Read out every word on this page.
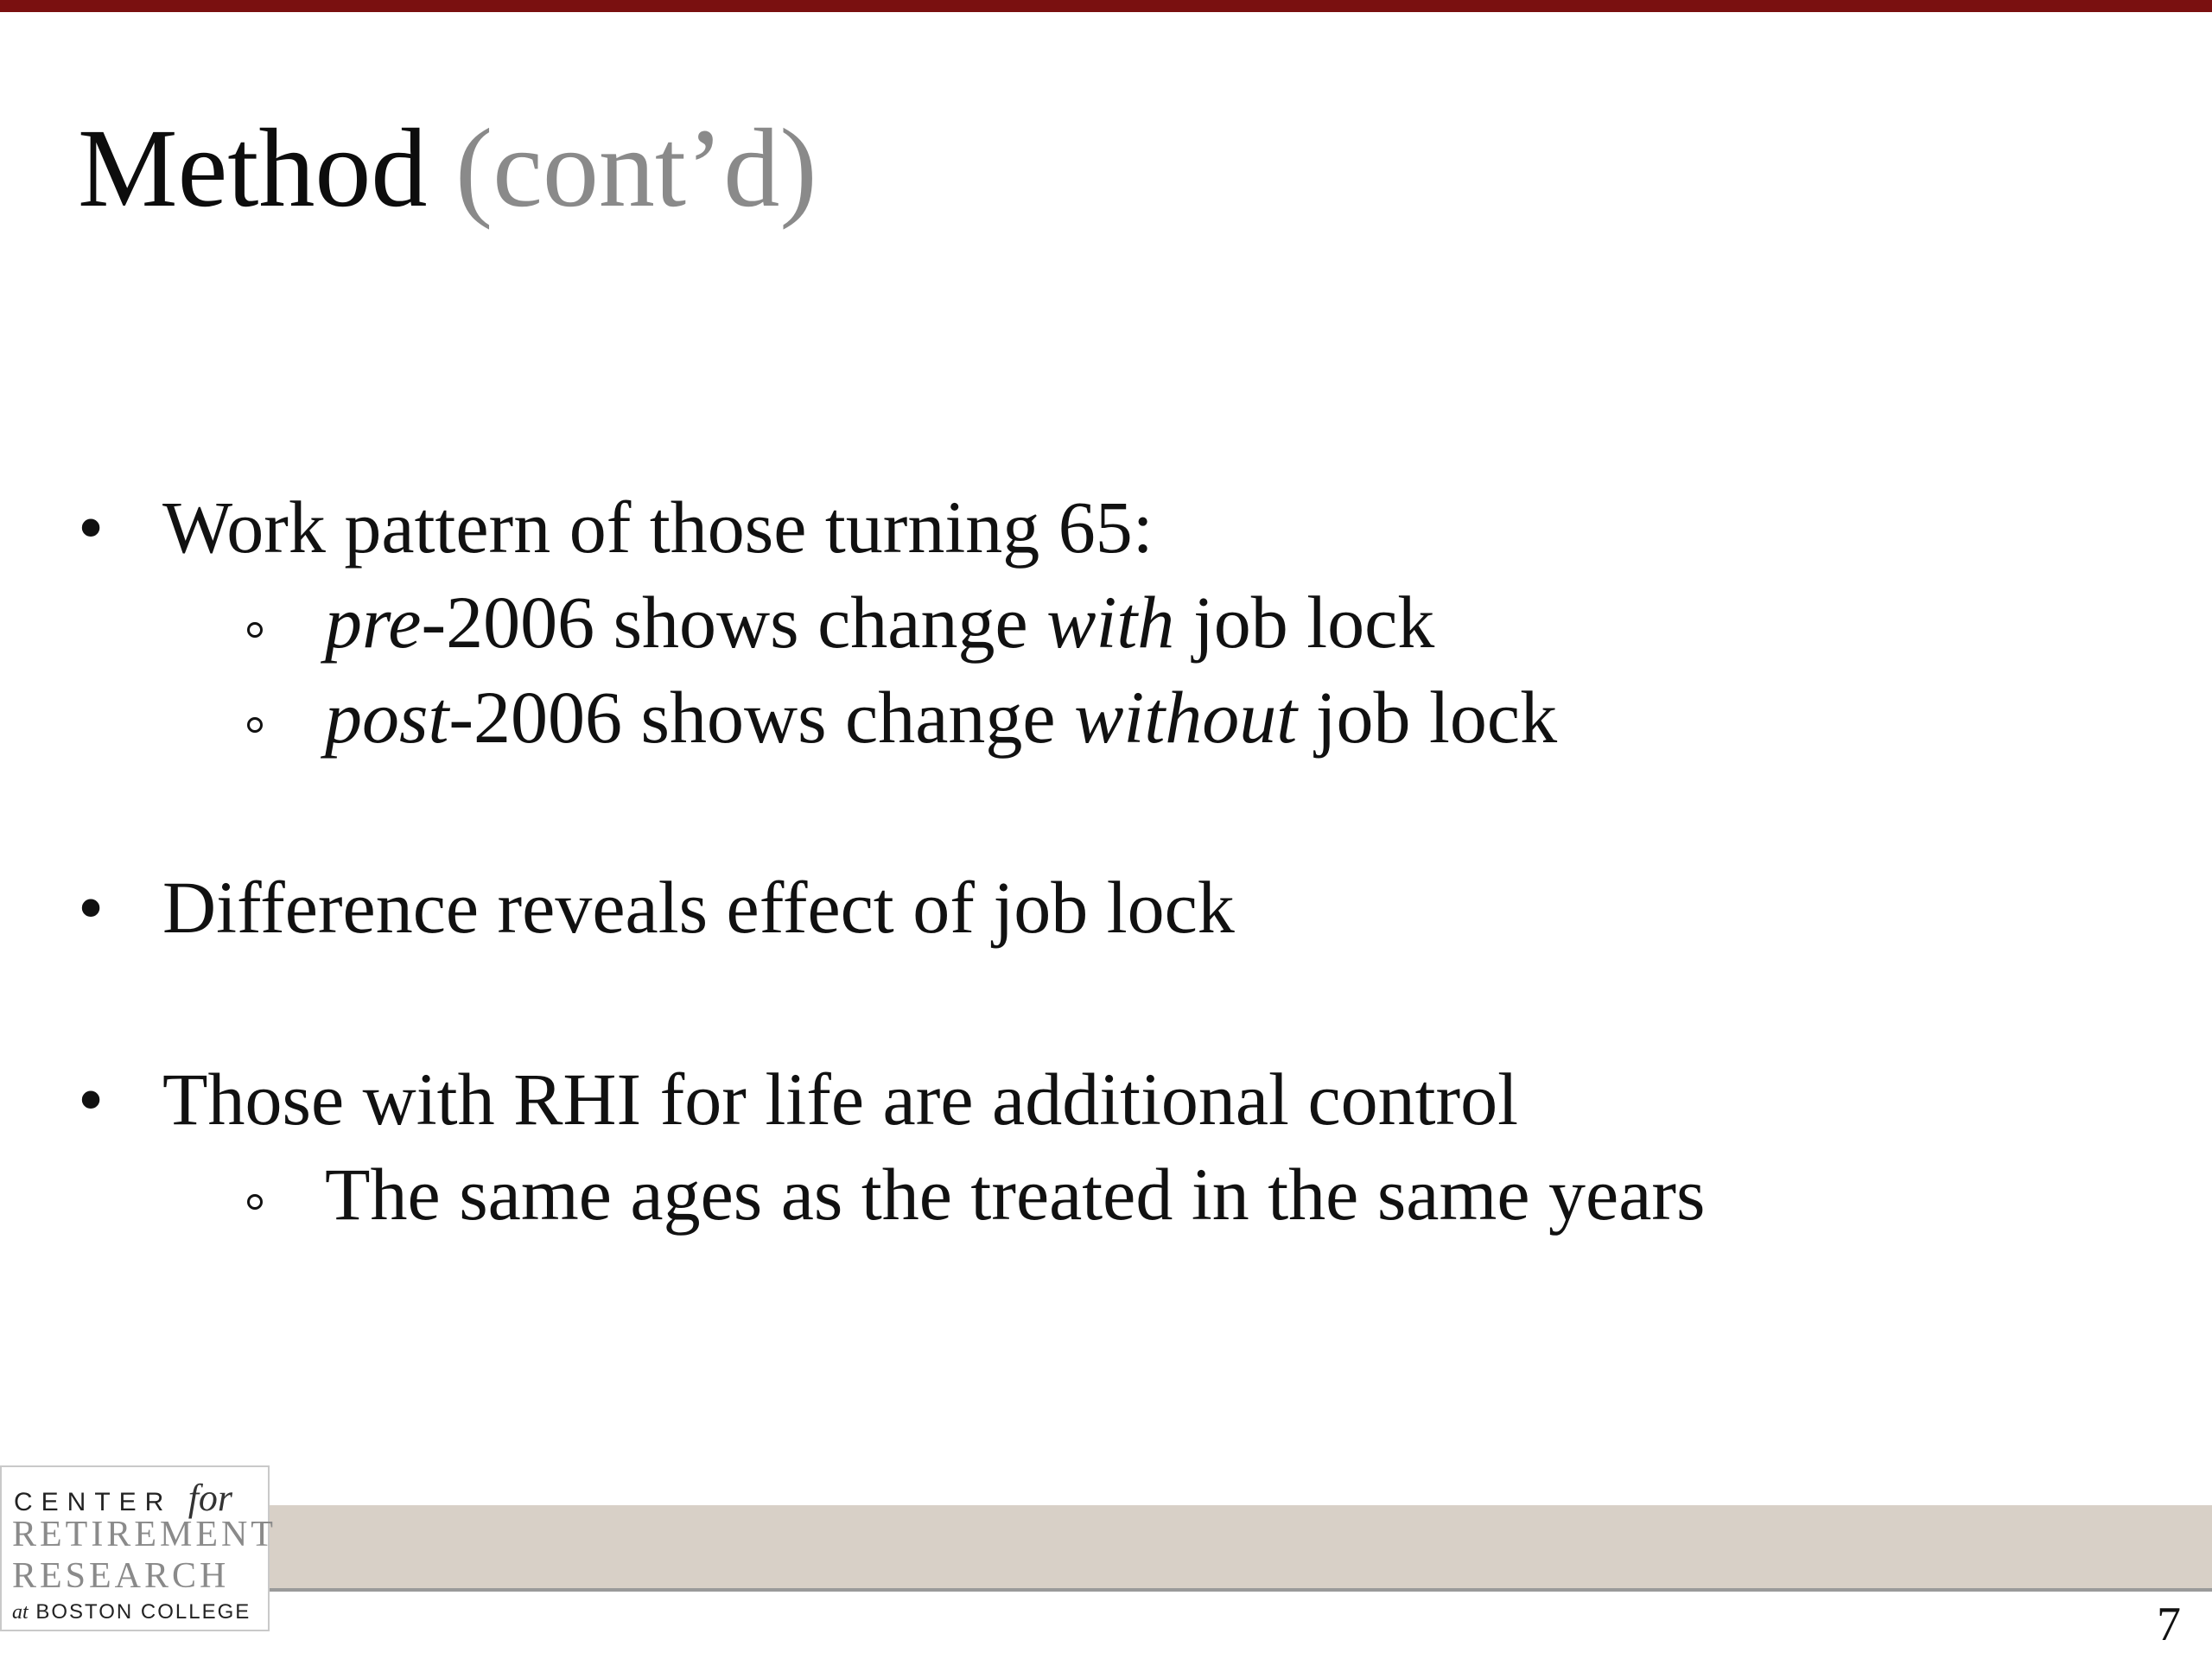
Method (cont’d)
• Work pattern of those turning 65:
pre-2006 shows change with job lock
post-2006 shows change without job lock
• Difference reveals effect of job lock
• Those with RHI for life are additional control
The same ages as the treated in the same years
CENTER for
RETIREMENT
RESEARCH
at BOSTON COLLEGE	7
